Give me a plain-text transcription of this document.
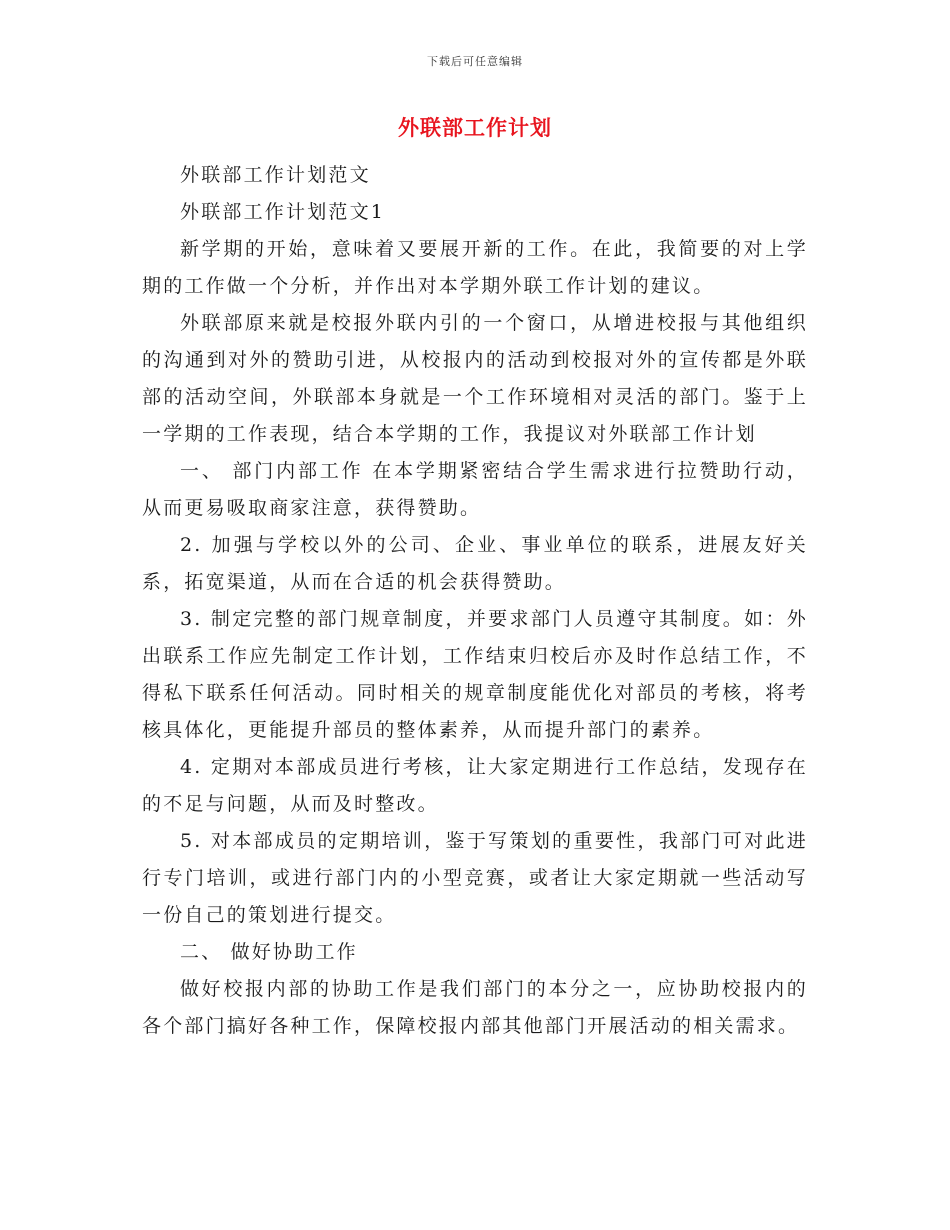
下载后可任意编辑
外联部工作计划

外联部工作计划范文

外联部工作计划范文1

新学期的开始，意味着又要展开新的工作。在此，我简要的对上学期的工作做一个分析，并作出对本学期外联工作计划的建议。

外联部原来就是校报外联内引的一个窗口，从增进校报与其他组织的沟通到对外的赞助引进，从校报内的活动到校报对外的宣传都是外联部的活动空间，外联部本身就是一个工作环境相对灵活的部门。鉴于上一学期的工作表现，结合本学期的工作，我提议对外联部工作计划

一、 部门内部工作 在本学期紧密结合学生需求进行拉赞助行动，从而更易吸取商家注意，获得赞助。

2. 加强与学校以外的公司、企业、事业单位的联系，进展友好关系，拓宽渠道，从而在合适的机会获得赞助。

3. 制定完整的部门规章制度，并要求部门人员遵守其制度。如：外出联系工作应先制定工作计划，工作结束归校后亦及时作总结工作，不得私下联系任何活动。同时相关的规章制度能优化对部员的考核，将考核具体化，更能提升部员的整体素养，从而提升部门的素养。

4. 定期对本部成员进行考核，让大家定期进行工作总结，发现存在的不足与问题，从而及时整改。

5. 对本部成员的定期培训，鉴于写策划的重要性，我部门可对此进行专门培训，或进行部门内的小型竞赛，或者让大家定期就一些活动写一份自己的策划进行提交。

二、 做好协助工作

做好校报内部的协助工作是我们部门的本分之一，应协助校报内的各个部门搞好各种工作，保障校报内部其他部门开展活动的相关需求。
